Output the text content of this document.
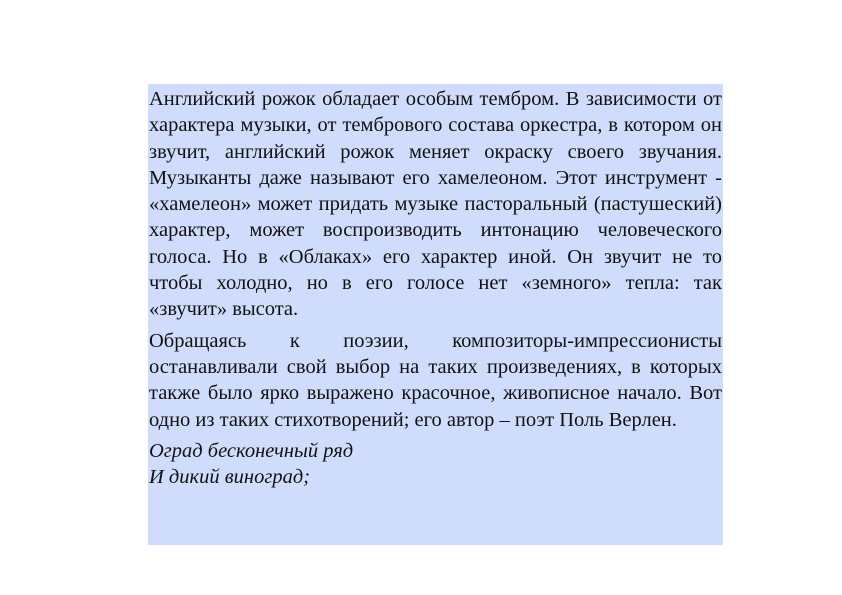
Английский рожок обладает особым тембром. В зависимости от характера музыки, от тембрового состава оркестра, в котором он звучит, английский рожок меняет окраску своего звучания. Музыканты даже называют его хамелеоном. Этот инструмент - «хамелеон» может придать музыке пасторальный (пастушеский) характер, может воспроизводить интонацию человеческого голоса. Но в «Облаках» его характер иной. Он звучит не то чтобы холодно, но в его голосе нет «земного» тепла: так «звучит» высота.

Обращаясь к поэзии, композиторы-импрессионисты останавливали свой выбор на таких произведениях, в которых также было ярко выражено красочное, живописное начало. Вот одно из таких стихотворений; его автор – поэт Поль Верлен.

Оград бесконечный ряд
И дикий виноград;
